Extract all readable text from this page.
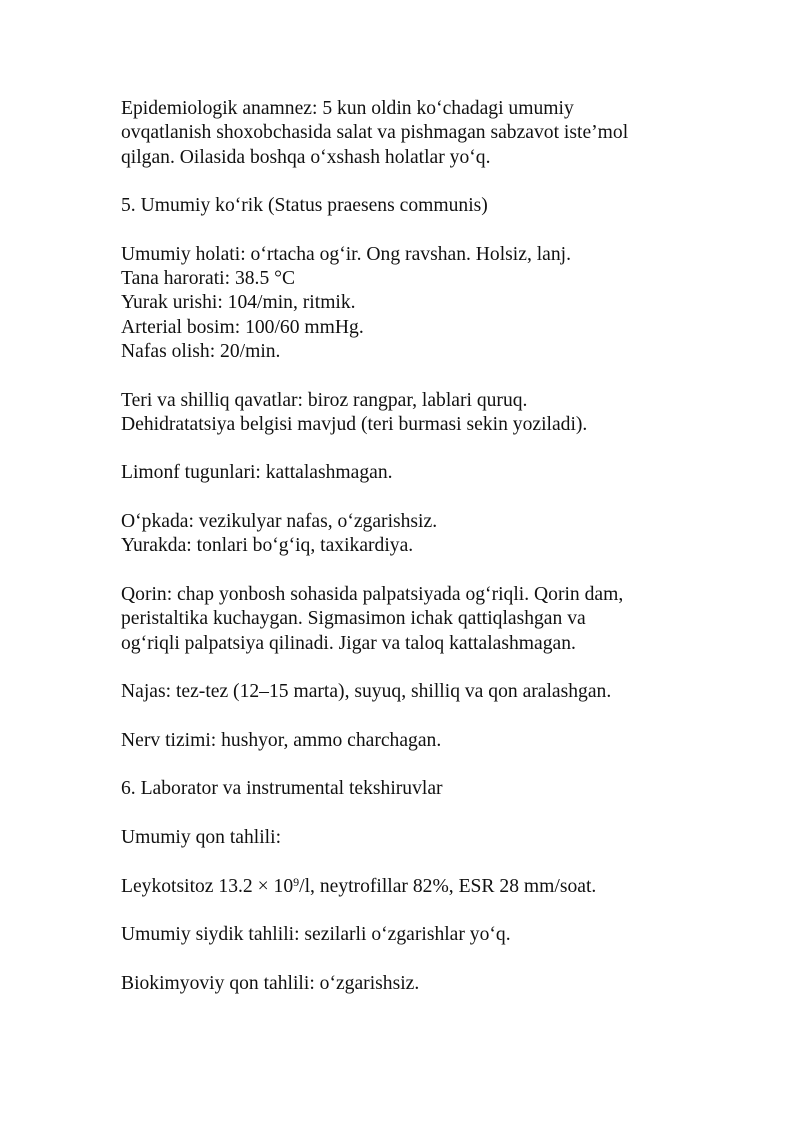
Epidemiologik anamnez: 5 kun oldin ko‘chadagi umumiy
ovqatlanish shoxobchasida salat va pishmagan sabzavot iste’mol
qilgan. Oilasida boshqa o‘xshash holatlar yo‘q.

5. Umumiy ko‘rik (Status praesens communis)

Umumiy holati: o‘rtacha og‘ir. Ong ravshan. Holsiz, lanj.
Tana harorati: 38.5 °C
Yurak urishi: 104/min, ritmik.
Arterial bosim: 100/60 mmHg.
Nafas olish: 20/min.

Teri va shilliq qavatlar: biroz rangpar, lablari quruq.
Dehidratatsiya belgisi mavjud (teri burmasi sekin yoziladi).

Limonf tugunlari: kattalashmagan.

O‘pkada: vezikulyar nafas, o‘zgarishsiz.
Yurakda: tonlari bo‘g‘iq, taxikardiya.

Qorin: chap yonbosh sohasida palpatsiyada og‘riqli. Qorin dam,
peristaltika kuchaygan. Sigmasimon ichak qattiqlashgan va
og‘riqli palpatsiya qilinadi. Jigar va taloq kattalashmagan.

Najas: tez-tez (12–15 marta), suyuq, shilliq va qon aralashgan.

Nerv tizimi: hushyor, ammo charchagan.

6. Laborator va instrumental tekshiruvlar

Umumiy qon tahlili:

Leykotsitoz $13.2 \times 10^9/l$, neytrofillar 82%, ESR 28 mm/soat.

Umumiy siydik tahlili: sezilarli o‘zgarishlar yo‘q.

Biokimyoviy qon tahlili: o‘zgarishsiz.
